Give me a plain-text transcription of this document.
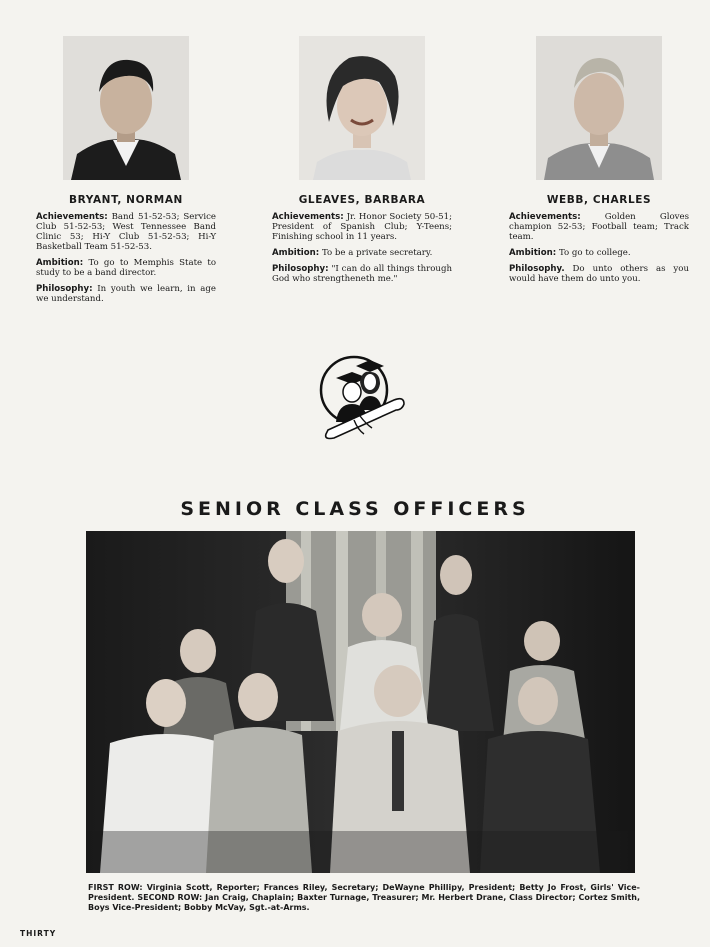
BRYANT, NORMAN
Achievements: Band 51-52-53; Service Club 51-52-53; West Tennessee Band Clinic 53; Hi-Y Club 51-52-53; Hi-Y Basketball Team 51-52-53.
Ambition: To go to Memphis State to study to be a band director.
Philosophy: In youth we learn, in age we understand.
GLEAVES, BARBARA
Achievements: Jr. Honor Society 50-51; President of Spanish Club; Y-Teens; Finishing school in 11 years.
Ambition: To be a private secretary.
Philosophy: "I can do all things through God who strengtheneth me."
WEBB, CHARLES
Achievements:	Golden Gloves champion 52-53; Football team; Track team.
Ambition: To go to college.
Philosophy. Do unto others as you would have them do unto you.
SENIOR CLASS OFFICERS
FIRST ROW: Virginia Scott, Reporter; Frances Riley, Secretary; DeWayne Phillipy, President; Betty Jo Frost, Girls' Vice-President. SECOND ROW: Jan Craig, Chaplain; Baxter Turnage, Treasurer; Mr. Herbert Drane, Class Director; Cortez Smith, Boys Vice-President; Bobby McVay, Sgt.-at-Arms.
THIRTY
